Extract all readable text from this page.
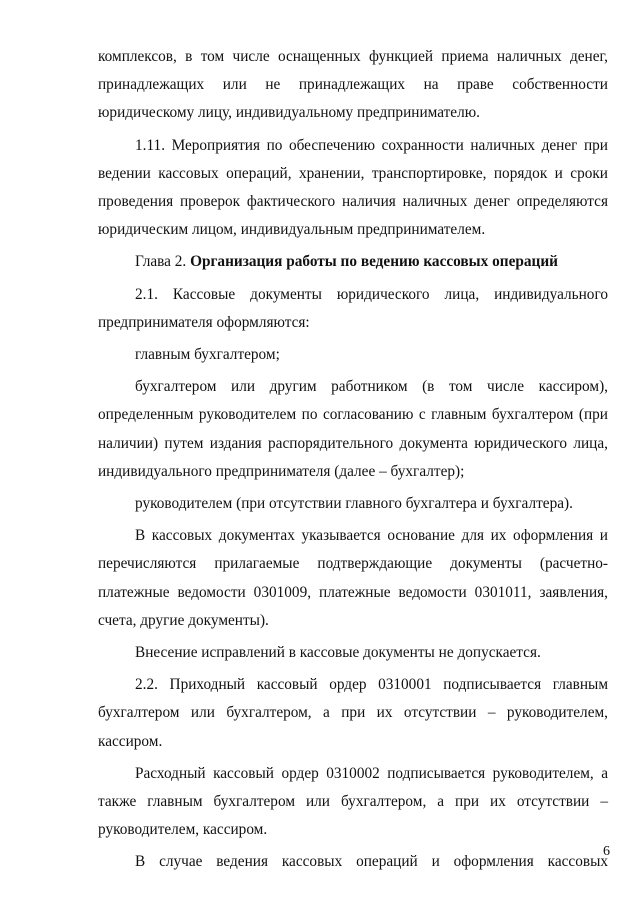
комплексов, в том числе оснащенных функцией приема наличных денег,
принадлежащих или не принадлежащих на праве собственности
юридическому лицу, индивидуальному предпринимателю.

1.11. Мероприятия по обеспечению сохранности наличных денег при ведении кассовых операций, хранении, транспортировке, порядок и сроки проведения проверок фактического наличия наличных денег определяются юридическим лицом, индивидуальным предпринимателем.

Глава 2. Организация работы по ведению кассовых операций

2.1. Кассовые документы юридического лица, индивидуального предпринимателя оформляются:

главным бухгалтером;

бухгалтером или другим работником (в том числе кассиром), определенным руководителем по согласованию с главным бухгалтером (при наличии) путем издания распорядительного документа юридического лица, индивидуального предпринимателя (далее – бухгалтер);

руководителем (при отсутствии главного бухгалтера и бухгалтера).

В кассовых документах указывается основание для их оформления и перечисляются прилагаемые подтверждающие документы (расчетно-платежные ведомости 0301009, платежные ведомости 0301011, заявления, счета, другие документы).

Внесение исправлений в кассовые документы не допускается.

2.2. Приходный кассовый ордер 0310001 подписывается главным бухгалтером или бухгалтером, а при их отсутствии – руководителем, кассиром.

Расходный кассовый ордер 0310002 подписывается руководителем, а также главным бухгалтером или бухгалтером, а при их отсутствии – руководителем, кассиром.

В случае ведения кассовых операций и оформления кассовых

6
